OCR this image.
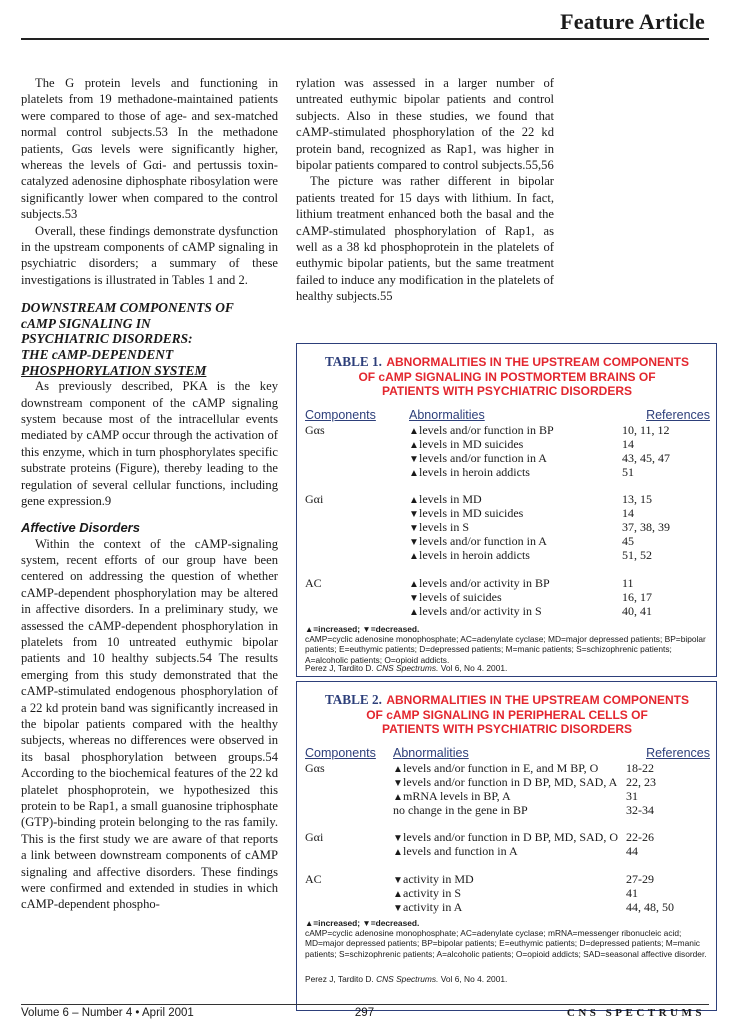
Feature Article

The G protein levels and functioning in platelets from 19 methadone-maintained patients were compared to those of age- and sex-matched normal control subjects.53 In the methadone patients, Gαs levels were significantly higher, whereas the levels of Gαi- and pertussis toxin-catalyzed adenosine diphosphate ribosylation were significantly lower when compared to the control subjects.53

Overall, these findings demonstrate dysfunction in the upstream components of cAMP signaling in psychiatric disorders; a summary of these investigations is illustrated in Tables 1 and 2.

DOWNSTREAM COMPONENTS OF
cAMP SIGNALING IN
PSYCHIATRIC DISORDERS:
THE cAMP-DEPENDENT
PHOSPHORYLATION SYSTEM

As previously described, PKA is the key downstream component of the cAMP signaling system because most of the intracellular events mediated by cAMP occur through the activation of this enzyme, which in turn phosphorylates specific substrate proteins (Figure), thereby leading to the regulation of several cellular functions, including gene expression.9

Affective Disorders

Within the context of the cAMP-signaling system, recent efforts of our group have been centered on addressing the question of whether cAMP-dependent phosphorylation may be altered in affective disorders. In a preliminary study, we assessed the cAMP-dependent phosphorylation in platelets from 10 untreated euthymic bipolar patients and 10 healthy subjects.54 The results emerging from this study demonstrated that the cAMP-stimulated endogenous phosphorylation of a 22 kd protein band was significantly increased in the bipolar patients compared with the healthy subjects, whereas no differences were observed in its basal phosphorylation between groups.54 According to the biochemical features of the 22 kd platelet phosphoprotein, we hypothesized this protein to be Rap1, a small guanosine triphosphate (GTP)-binding protein belonging to the ras family. This is the first study we are aware of that reports a link between downstream components of cAMP signaling and affective disorders. These findings were confirmed and extended in studies in which cAMP-dependent phospho-

rylation was assessed in a larger number of untreated euthymic bipolar patients and control subjects. Also in these studies, we found that cAMP-stimulated phosphorylation of the 22 kd protein band, recognized as Rap1, was higher in bipolar patients compared to control subjects.55,56

The picture was rather different in bipolar patients treated for 15 days with lithium. In fact, lithium treatment enhanced both the basal and the cAMP-stimulated phosphorylation of Rap1, as well as a 38 kd phosphoprotein in the platelets of euthymic bipolar patients, but the same treatment failed to induce any modification in the platelets of healthy subjects.55

TABLE 1. ABNORMALITIES IN THE UPSTREAM COMPONENTS
OF cAMP SIGNALING IN POSTMORTEM BRAINS OF
PATIENTS WITH PSYCHIATRIC DISORDERS
Components	Abnormalities	References
Gαs	▲levels and/or function in BP	10, 11, 12
▲levels in MD suicides	14
▼levels and/or function in A	43, 45, 47
▲levels in heroin addicts	51
Gαi	▲levels in MD	13, 15
▼levels in MD suicides	14
▼levels in S	37, 38, 39
▼levels and/or function in A	45
▲levels in heroin addicts	51, 52
AC	▲levels and/or activity in BP	11
▼levels of suicides	16, 17
▲levels and/or activity in S	40, 41
▲=increased; ▼=decreased.
cAMP=cyclic adenosine monophosphate; AC=adenylate cyclase; MD=major depressed patients; BP=bipolar patients; E=euthymic patients; D=depressed patients; M=manic patients; S=schizophrenic patients; A=alcoholic patients; O=opioid addicts.
Perez J, Tardito D. CNS Spectrums. Vol 6, No 4. 2001.
TABLE 2. ABNORMALITIES IN THE UPSTREAM COMPONENTS
OF cAMP SIGNALING IN PERIPHERAL CELLS OF
PATIENTS WITH PSYCHIATRIC DISORDERS
Components Abnormalities	References
Gαs	▲levels and/or function in E, and M BP, O 18-22
▼levels and/or function in D BP, MD, SAD, A 22, 23
▲mRNA levels in BP, A	31
no change in the gene in BP	32-34
Gαi	▼levels and/or function in D BP, MD, SAD, O 22-26
▲levels and function in A	44
AC	▼activity in MD	27-29
▲activity in S	41
▼activity in A	44, 48, 50
▲=increased; ▼=decreased.
cAMP=cyclic adenosine monophosphate; AC=adenylate cyclase; mRNA=messenger ribonucleic acid; MD=major depressed patients; BP=bipolar patients; E=euthymic patients; D=depressed patients; M=manic patients; S=schizophrenic patients; A=alcoholic patients; O=opioid addicts; SAD=seasonal affective disorder.
Perez J, Tardito D. CNS Spectrums. Vol 6, No 4. 2001.
Volume 6 – Number 4 • April 2001	297	CNS SPECTRUMS
